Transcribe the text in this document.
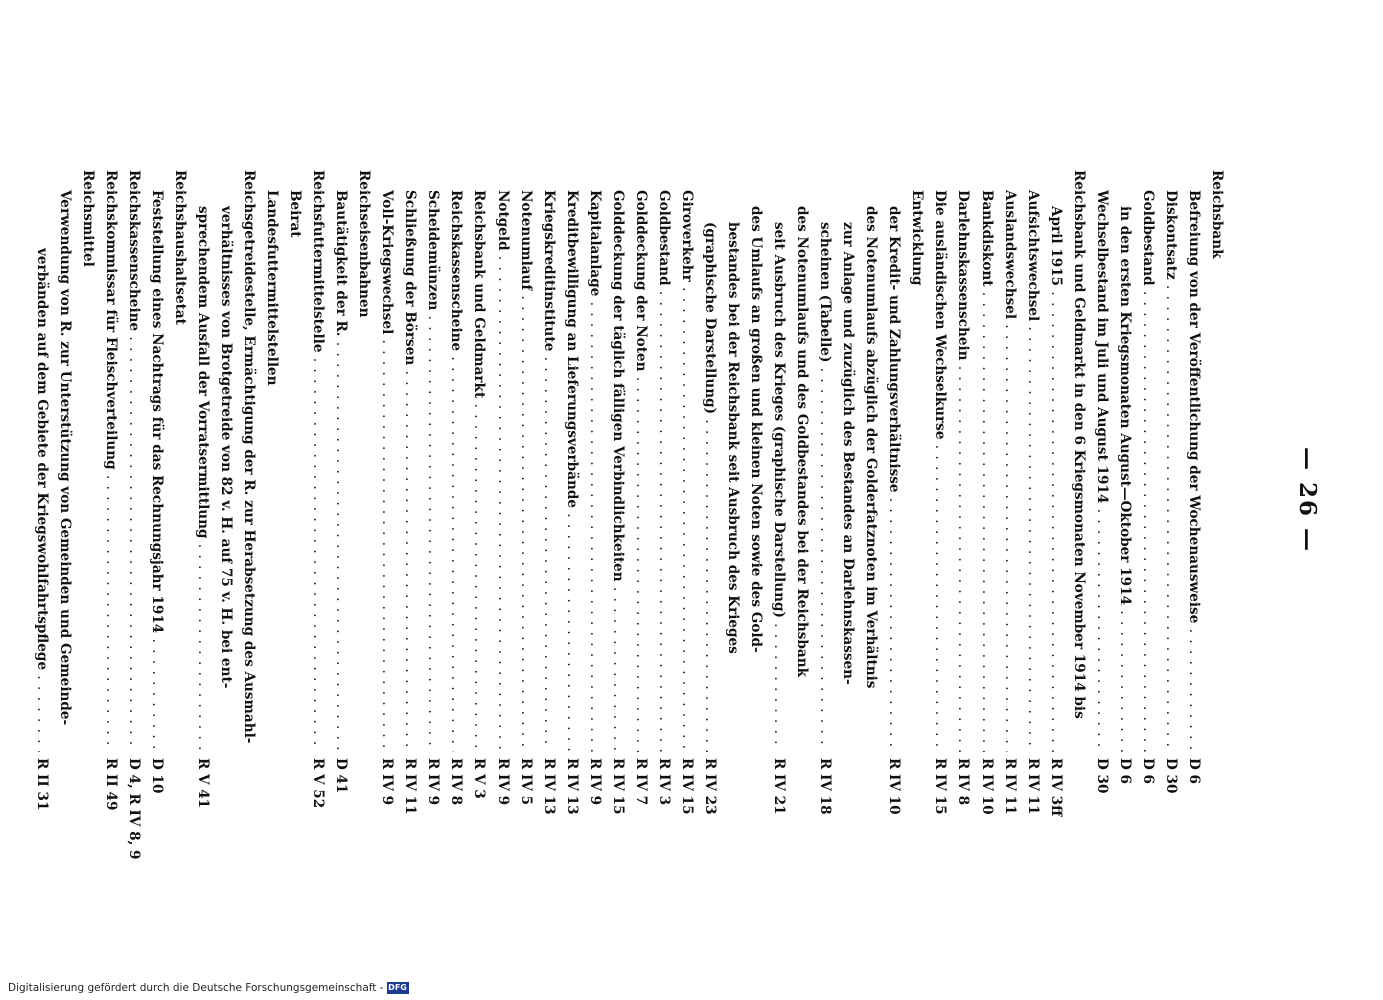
— 26 —
Reichsbank
Befreiung von der Veröffentlichung der Wochenausweise . . .
D 6
Diskontsatz . . .
D 30
Goldbestand . . .
D 6
in den ersten Kriegsmonaten August—Oktober 1914 . . .
D 6
Wechselbestand im Juli und August 1914 . . .
D 30
Reichsbank und Geldmarkt in den 6 Kriegsmonaten November 1914 bis
April 1915 . . .
R IV 3ff
Aufsichtswechsel . . .
R IV 11
Auslandswechsel . . .
R IV 11
Bankdiskont . . .
R IV 10
Darlehnskassenschein . . .
R IV 8
Die ausländischen Wechselkurse . . .
R IV 15
Entwicklung
der Kredit- und Zahlungsverhältnisse . . .
R IV 10
des Notenumlaufs abzüglich der Golderfatznoten im Verhältnis
zur Anlage und zuzüglich des Bestandes an Darlehnskassen-
scheinen (Tabelle) . . .
R IV 18
des Notenumlaufs und des Goldbestandes bei der Reichsbank
seit Ausbruch des Krieges (graphische Darstellung) . . .
R IV 21
des Umlaufs an großen und kleinen Noten sowie des Gold-
bestandes bei der Reichsbank seit Ausbruch des Krieges
(graphische Darstellung) . . .
R IV 23
Giroverkehr . . .
R IV 15
Goldbestand . . .
R IV 3
Golddeckung der Noten . . .
R IV 7
Golddeckung der täglich fälligen Verbindlichkeiten . . .
R IV 15
Kapitalanlage . . .
R IV 9
Kreditbewilligung an Lieferungsverbände . . .
R IV 13
Kriegskreditinstitute . . .
R IV 13
Notenumlauf . . .
R IV 5
Notgeld . . .
R IV 9
Reichsbank und Geldmarkt . . .
R V 3
Reichskassenscheine . . .
R IV 8
Scheidemünzen . . .
R IV 9
Schließung der Börsen . . .
R IV 11
Voll-Kriegswechsel . . .
R IV 9
Reichseisenbahnen
Bautätigkeit der R. . . .
D 41
Reichsfuttermittelstelle . . .
R V 52
Beirat
Landesfuttermittelstellen
Reichsgetreidestelle, Ermächtigung der R. zur Herabsetzung des Ausmahl-
verhältnisses von Brotgetreide von 82 v. H. auf 75 v. H. bei ent-
sprechendem Ausfall der Vorratsermittlung . . .
R V 41
Reichshaushaltsetat
Feststellung eines Nachtrags für das Rechnungsjahr 1914 . . .
D 10
Reichskassenscheine . . .
D 4, R IV 8, 9
Reichskommissar für Fleischverteilung . . .
R II 49
Reichsmittel
Verwendung von R. zur Unterstützung von Gemeinden und Gemeinde-
verbänden auf dem Gebiete der Kriegswohlfahrtspflege . . .
R II 31
Digitalisierung gefördert durch die Deutsche Forschungsgemeinschaft - DFG
